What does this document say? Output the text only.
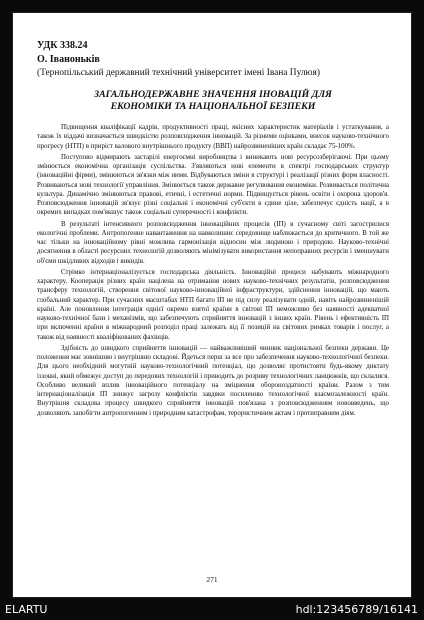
УДК 338.24
О. Іваноньків
(Тернопільський державний технічний університет імені Івана Пулюя)
ЗАГАЛЬНОДЕРЖАВНЕ ЗНАЧЕННЯ ІНОВАЦІЙ ДЛЯ
ЕКОНОМІКИ ТА НАЦІОНАЛЬНОЇ БЕЗПЕКИ

Підвищення кваліфікації кадрів, продуктивності праці, якісних характеристик матеріалів і устаткування, а також їх віддачі визначається швидкістю розповсюдження інновацій. За різними оцінками, внесок науково-технічного прогресу (НТП) в приріст валового внутрішнього продукту (ВВП) найрозвиненіших країн складає 75-100%.

Поступово відмирають застарілі енергоємні виробництва і виникають нові ресурсозберігаючі. При цьому змінюється економічна організація суспільства. З'являються нові елементи в спектрі господарських структур (інноваційні фірми), змінюються зв'язки між ними. Відбуваються зміни в структурі і реалізації різних форм власності. Розвиваються нові технології управління. Змінюється також державне регулювання економіки. Розвивається політична культура. Динамічно змінюються правові, етичні, і естетичні норми. Підвищується рівень освіти і охорона здоров'я. Розповсюдження інновацій зв'язує різні соціальні і економічні суб'єкти в єдине ціле, забезпечує єдність нації, а в окремих випадках пом'якшує також соціальні суперечності і конфлікти.

В результаті інтенсивного розповсюдження інноваційних процесів (ІП) в сучасному світі загострилися екологічні проблеми. Антропогенне навантаження на навколишнє середовище наближається до критичного. В той же час тільки на інноваційному рівні можлива гармонізація відносин між людиною і природою. Науково-технічні досягнення в області ресурсних технологій дозволяють мінімізувати використання непоправних ресурсів і зменшувати об'єми шкідливих відходів і викидів.

Стрімко інтернаціоналізується господарська діяльність. Інноваційні процеси набувають міжнародного характеру. Кооперація різних країн націлена на отримання нових науково-технічних результатів, розповсюдження трансферу технологій, створення світової науково-інноваційної інфраструктури, здійснення інновацій, що мають глобальний характер. При сучасних масштабах НТП багато ІП не під силу реалізувати одній, навіть найрозвиненішій країні. Але поновлення інтеграція однієї окремо взятої країни в світові ІП неможливо без наявності адекватної науково-технічної бази і механізмів, що забезпечують сприйняття інновацій з інших країн. Рівень і ефективність ІП при включенні країни в міжнародний розподіл праці залежать від її позицій на світових ринках товарів і послуг, а також від наявності кваліфікованих фахівців.

Здібність до швидкого сприйняття інновацій — найважливіший чинник національної безпеки держави. Це положення має зовнішню і внутрішню складові. Йдеться перш за все про забезпечення науково-технологічної безпеки. Для цього необхідний могутній науково-технологічний потенціал, що дозволяє протистояти будь-якому диктату іззовні, який обмежує доступ до передових технологій і приводить до розриву технологічних ланцюжків, що склалися. Особливо великий вплив інноваційного потенціалу на зміцнення обороноздатності країни. Разом з тим інтернаціоналізація ІП знижує загрозу конфліктів завдяки посиленню технологічної взаємозалежності країн. Внутрішня складова процесу швидкого сприйняття інновацій пов'язана з розповсюдженням нововведень, що дозволяють запобігти антропогенним і природним катастрофам, терористичним актам і протиправним діям.

271
ELARTU	hdl:123456789/16141
